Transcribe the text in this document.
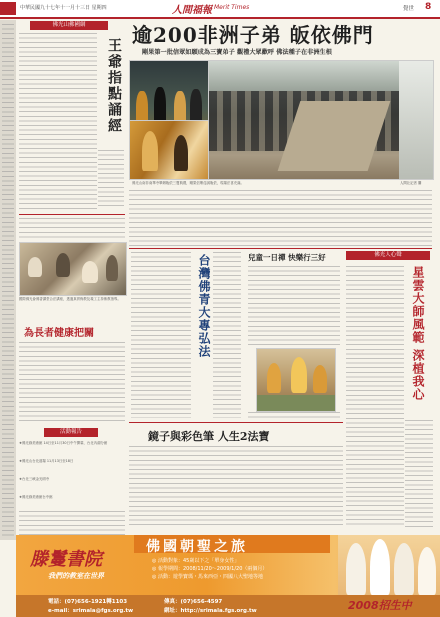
中華民國九十七年十一月十三日 星期四	人間福報 Merit Times	覺世 8
佛光山佛國網
王爺指點誦經
國際佛光會佛香講堂合法講座，透過真實佈教及義工主持佈教指導。
為長者健康把關
活動報告
★佛光緣美術館 14日至11月30日中午開幕，台北內湖分館
★佛光山台北道場 11月13日至18日
★台北三峽金光明寺
★佛光緣美術館台中館
逾200非洲子弟 皈依佛門
剛果第一批信眾如願成為三寶弟子 觀禮大眾歡呼 佛法種子在非洲生根
佛光山南非南華寺舉辦皈依三寶典禮，剛果信眾虔誠皈依，現場法喜充滿。	人間社記者 攝
台灣佛青大專弘法	兒童一日禪 快樂行三好	佛光人心聲
星雲大師風範 深植我心
鏡子與彩色筆 人生2法寶
佛國朝聖之旅
滕鬘書院
我們的教室在世界
◎ 活動對象：45歲以下之「單身女性」
◎ 報學期間：2008/11/20～2009/1/20（兩個月）
◎ 活動：遊學寶瑪・馬來西亞・四國八大聖地等地
電話：(07)656-1921轉1103	傳真：(07)656-4597
e-mail：srimala@fgs.org.tw	網址：http://srimala.fgs.org.tw	2008招生中
